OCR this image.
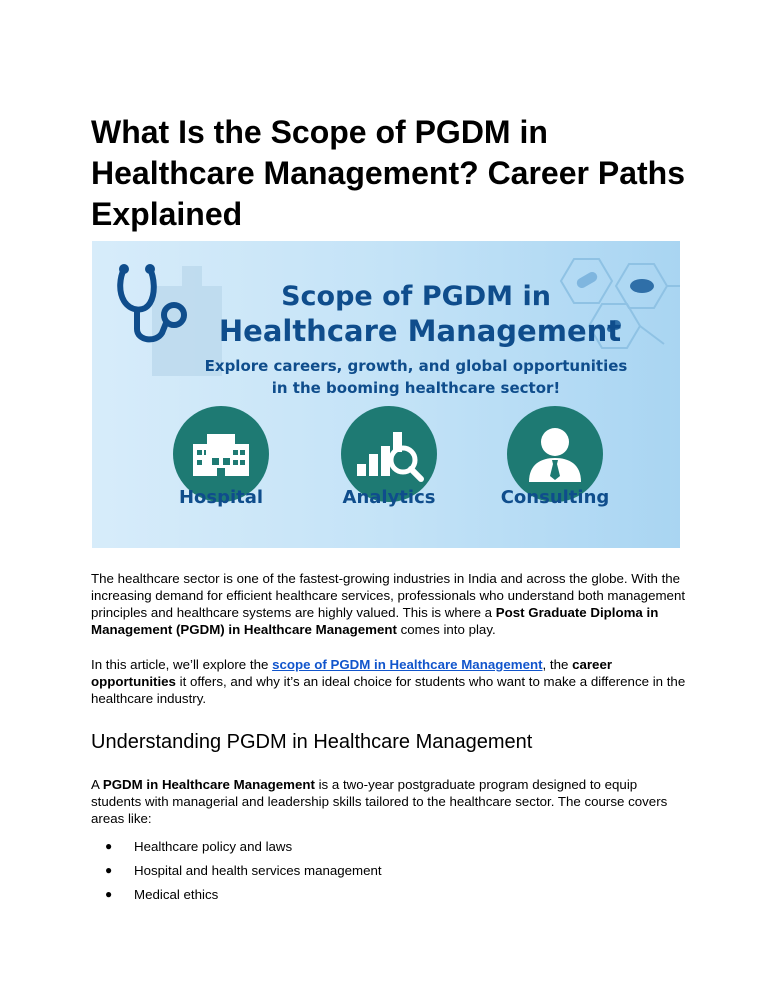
What Is the Scope of PGDM in Healthcare Management? Career Paths Explained
Scope of PGDM in
Healthcare Management
Explore careers, growth, and global opportunities
in the booming healthcare sector!
Hospital	Analytics	Consulting

The healthcare sector is one of the fastest-growing industries in India and across the globe. With the increasing demand for efficient healthcare services, professionals who understand both management principles and healthcare systems are highly valued. This is where a Post Graduate Diploma in Management (PGDM) in Healthcare Management comes into play.

In this article, we’ll explore the scope of PGDM in Healthcare Management, the career opportunities it offers, and why it’s an ideal choice for students who want to make a difference in the healthcare industry.

Understanding PGDM in Healthcare Management

A PGDM in Healthcare Management is a two-year postgraduate program designed to equip students with managerial and leadership skills tailored to the healthcare sector. The course covers areas like:

● Healthcare policy and laws
● Hospital and health services management
● Medical ethics
